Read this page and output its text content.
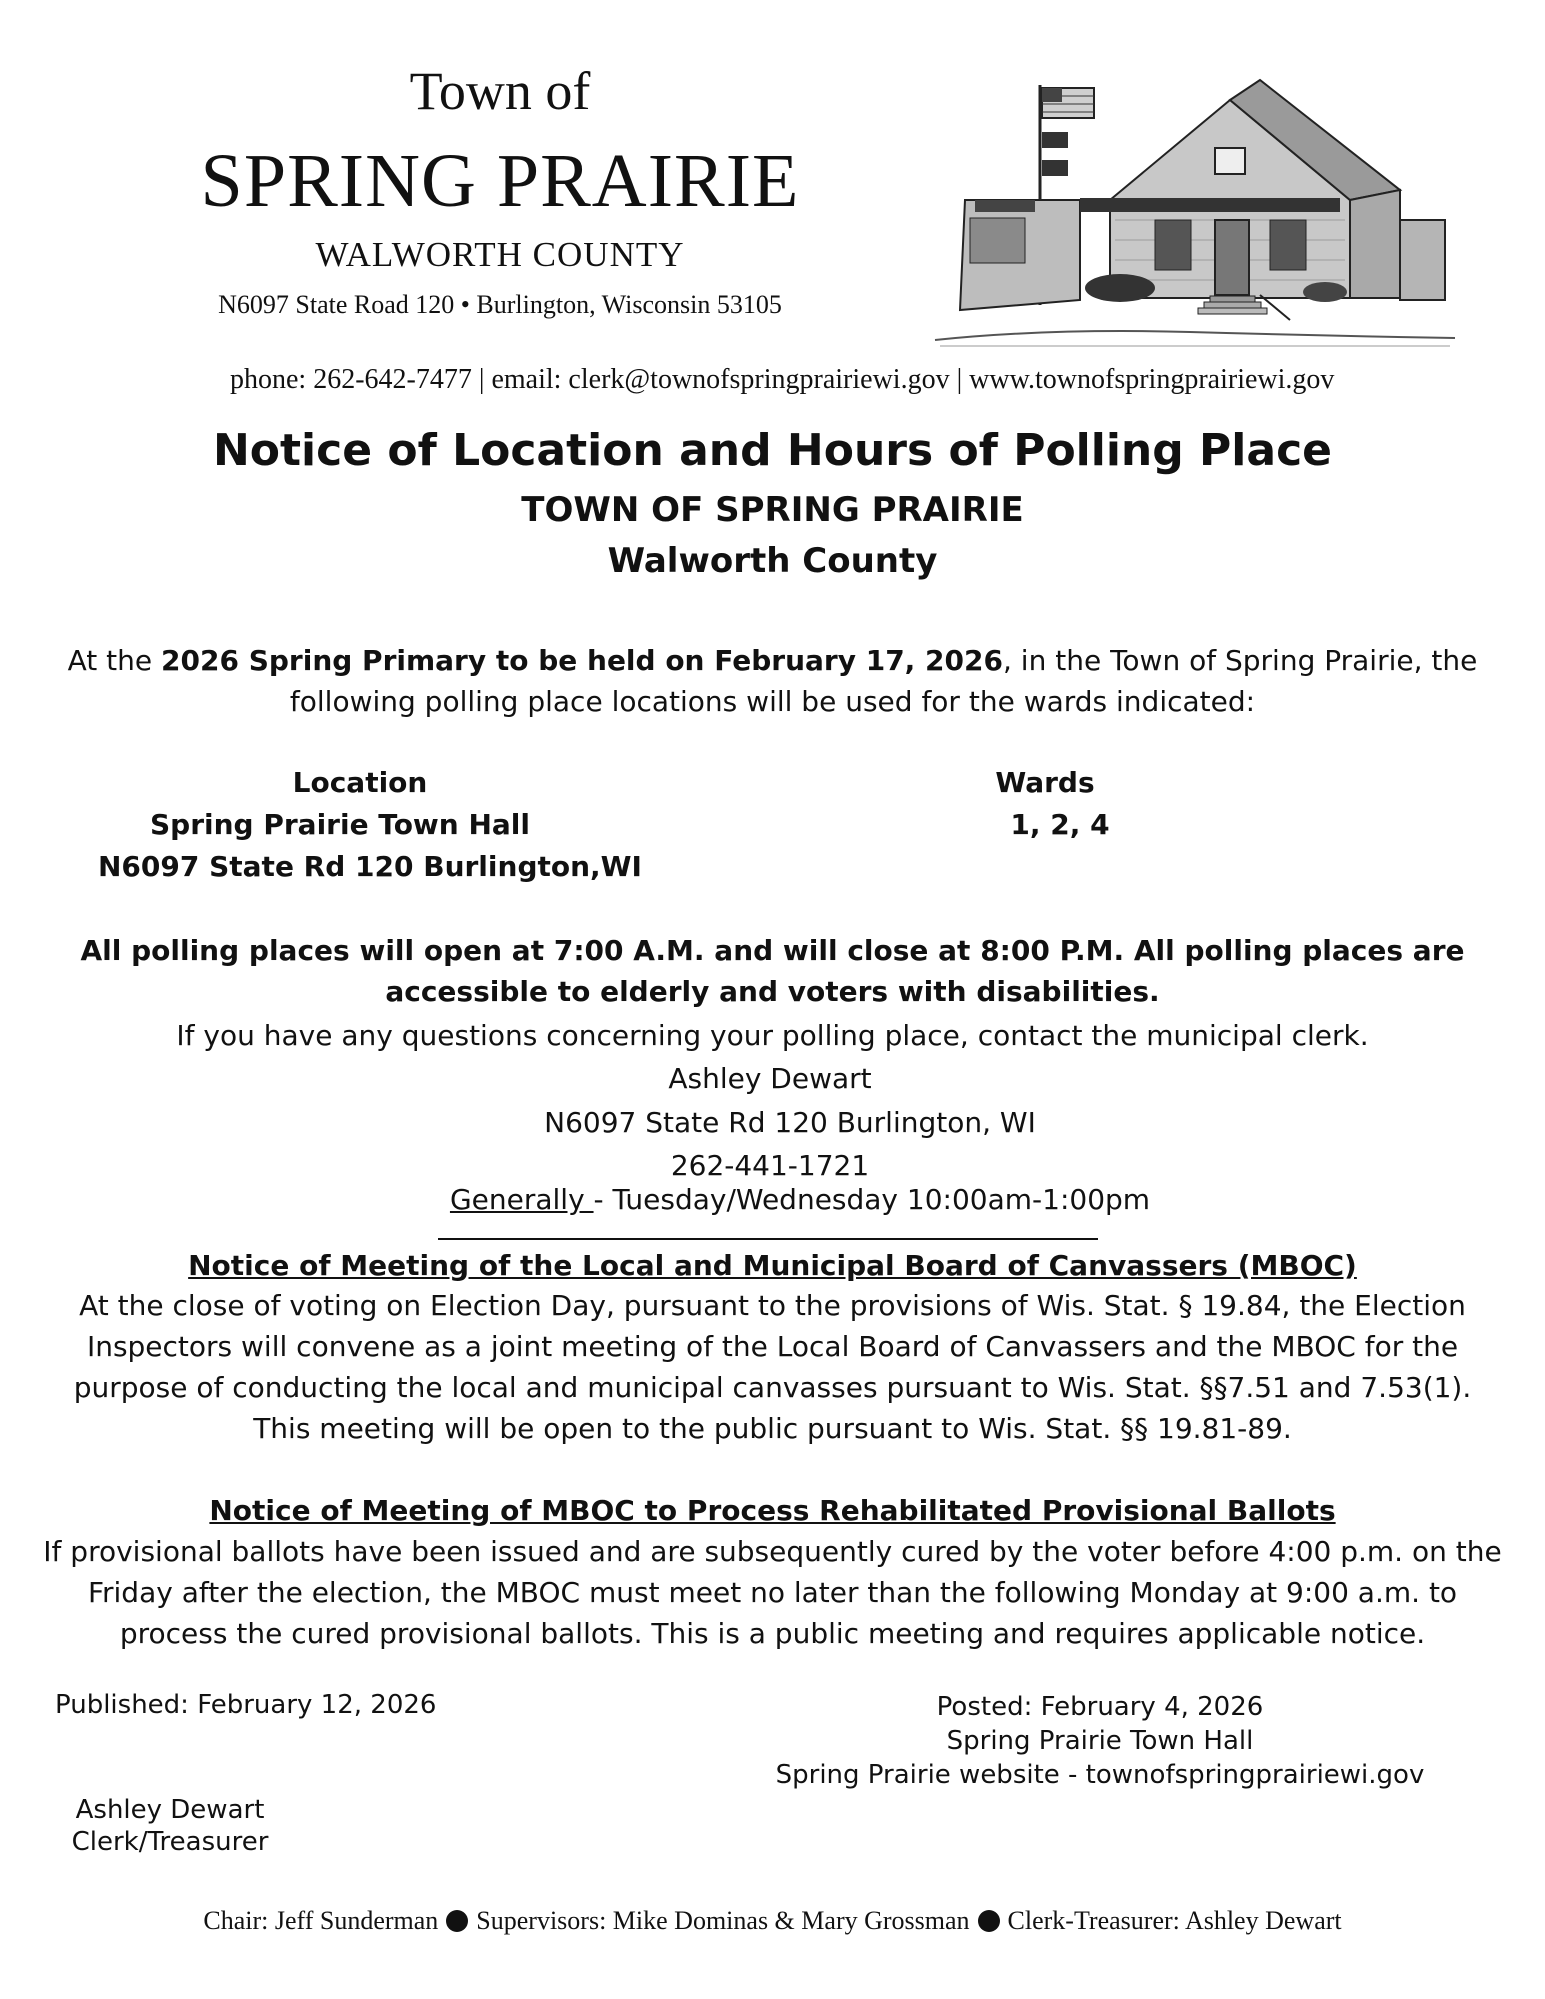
Town of
SPRING PRAIRIE
WALWORTH COUNTY
N6097 State Road 120 • Burlington, Wisconsin 53105
phone: 262-642-7477 | email: clerk@townofspringprairiewi.gov | www.townofspringprairiewi.gov
Notice of Location and Hours of Polling Place
TOWN OF SPRING PRAIRIE
Walworth County
At the 2026 Spring Primary to be held on February 17, 2026, in the Town of Spring Prairie, the following polling place locations will be used for the wards indicated:
Location	Wards
Spring Prairie Town Hall	1, 2, 4
N6097 State Rd 120 Burlington,WI
All polling places will open at 7:00 A.M. and will close at 8:00 P.M. All polling places are accessible to elderly and voters with disabilities.
If you have any questions concerning your polling place, contact the municipal clerk.
Ashley Dewart
N6097 State Rd 120 Burlington, WI
262-441-1721
Generally - Tuesday/Wednesday 10:00am-1:00pm
Notice of Meeting of the Local and Municipal Board of Canvassers (MBOC)
At the close of voting on Election Day, pursuant to the provisions of Wis. Stat. § 19.84, the Election Inspectors will convene as a joint meeting of the Local Board of Canvassers and the MBOC for the purpose of conducting the local and municipal canvasses pursuant to Wis. Stat. §§7.51 and 7.53(1). This meeting will be open to the public pursuant to Wis. Stat. §§ 19.81-89.
Notice of Meeting of MBOC to Process Rehabilitated Provisional Ballots
If provisional ballots have been issued and are subsequently cured by the voter before 4:00 p.m. on the Friday after the election, the MBOC must meet no later than the following Monday at 9:00 a.m. to process the cured provisional ballots. This is a public meeting and requires applicable notice.
Published: February 12, 2026	Posted: February 4, 2026
Spring Prairie Town Hall
Spring Prairie website - townofspringprairiewi.gov
Ashley Dewart
Clerk/Treasurer
Chair: Jeff Sunderman Supervisors: Mike Dominas & Mary Grossman Clerk-Treasurer: Ashley Dewart
